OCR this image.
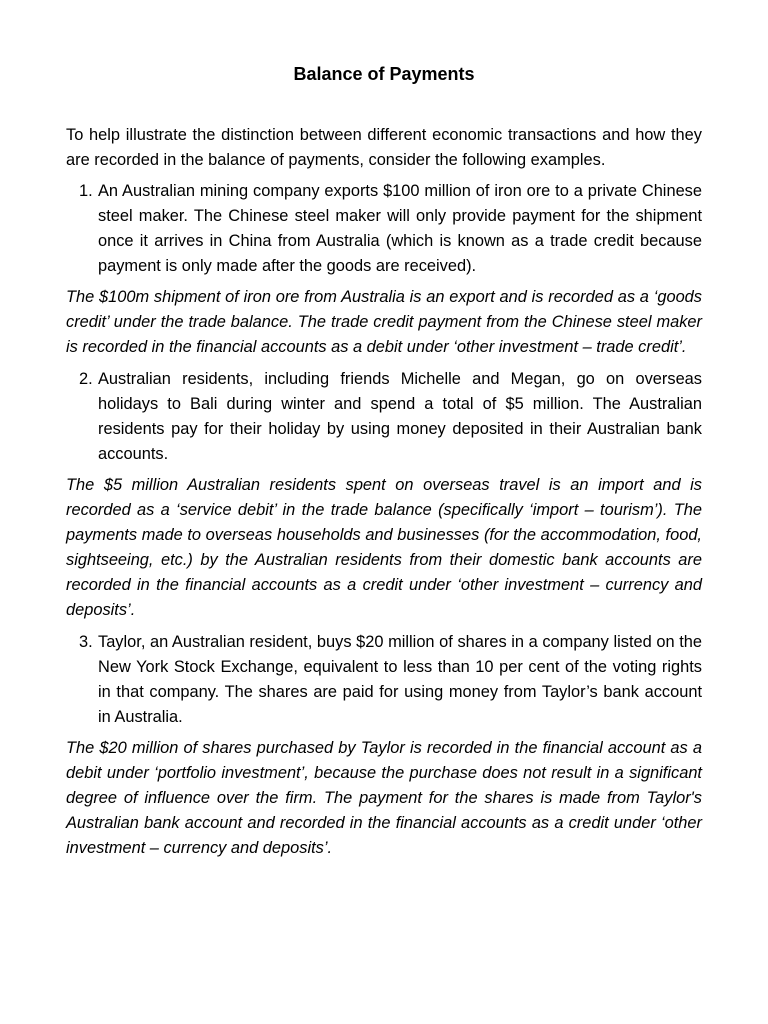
Balance of Payments

To help illustrate the distinction between different economic transactions and how they are recorded in the balance of payments, consider the following examples.

1. An Australian mining company exports $100 million of iron ore to a private Chinese steel maker. The Chinese steel maker will only provide payment for the shipment once it arrives in China from Australia (which is known as a trade credit because payment is only made after the goods are received).

The $100m shipment of iron ore from Australia is an export and is recorded as a ‘goods credit’ under the trade balance. The trade credit payment from the Chinese steel maker is recorded in the financial accounts as a debit under ‘other investment – trade credit’.

2. Australian residents, including friends Michelle and Megan, go on overseas holidays to Bali during winter and spend a total of $5 million. The Australian residents pay for their holiday by using money deposited in their Australian bank accounts.

The $5 million Australian residents spent on overseas travel is an import and is recorded as a ‘service debit’ in the trade balance (specifically ‘import – tourism’). The payments made to overseas households and businesses (for the accommodation, food, sightseeing, etc.) by the Australian residents from their domestic bank accounts are recorded in the financial accounts as a credit under ‘other investment – currency and deposits’.

3. Taylor, an Australian resident, buys $20 million of shares in a company listed on the New York Stock Exchange, equivalent to less than 10 per cent of the voting rights in that company. The shares are paid for using money from Taylor’s bank account in Australia.

The $20 million of shares purchased by Taylor is recorded in the financial account as a debit under ‘portfolio investment’, because the purchase does not result in a significant degree of influence over the firm. The payment for the shares is made from Taylor's Australian bank account and recorded in the financial accounts as a credit under ‘other investment – currency and deposits’.
